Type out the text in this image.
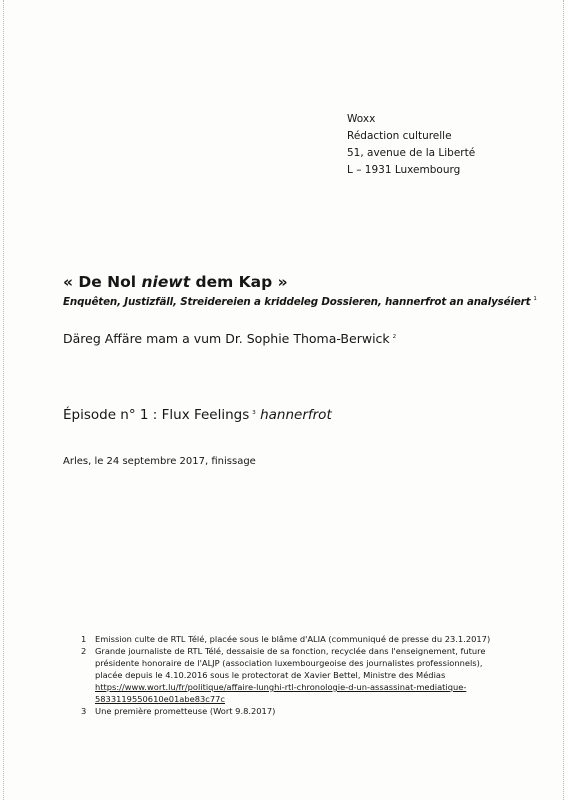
Woxx
Rédaction culturelle
51, avenue de la Liberté
L – 1931 Luxembourg
« De Nol niewt dem Kap »
Enquêten, Justizfäll, Streidereien a kriddeleg Dossieren, hannerfrot an analyséiert $^1$
Däreg Affäre mam a vum Dr. Sophie Thoma-Berwick $^2$
Épisode n° 1 : Flux Feelings $^3$ hannerfrot
Arles, le 24 septembre 2017, finissage
1	Emission culte de RTL Télé, placée sous le blâme d'ALIA (communiqué de presse du 23.1.2017)
2	Grande journaliste de RTL Télé, dessaisie de sa fonction, recyclée dans l'enseignement, future
présidente honoraire de l'ALJP (association luxembourgeoise des journalistes professionnels),
placée depuis le 4.10.2016 sous le protectorat de Xavier Bettel, Ministre des Médias
https://www.wort.lu/fr/politique/affaire-lunghi-rtl-chronologie-d-un-assassinat-mediatique-
5833119550610e01abe83c77c
3	Une première prometteuse (Wort 9.8.2017)
